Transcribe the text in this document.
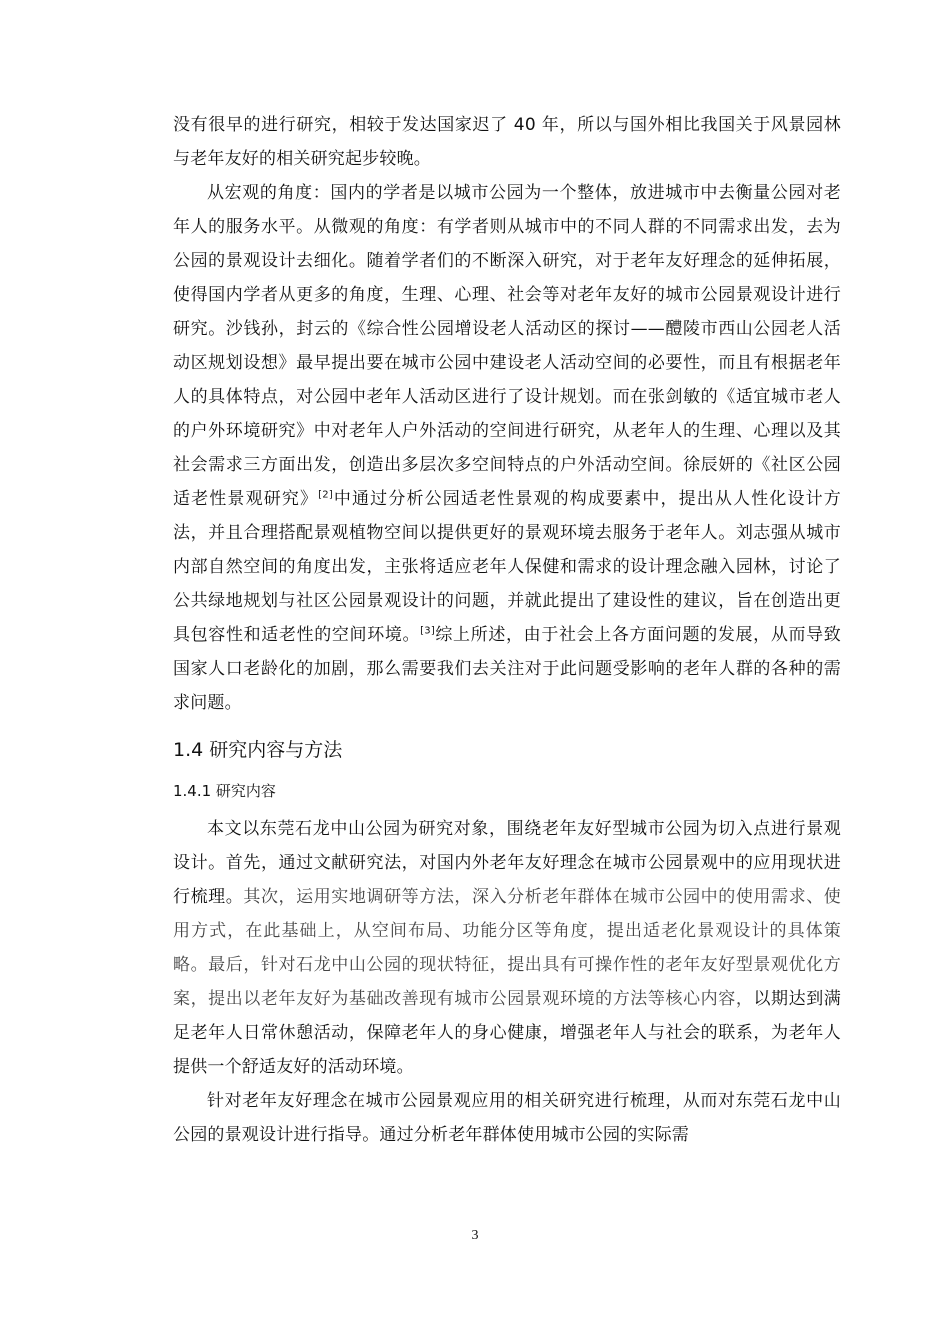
没有很早的进行研究，相较于发达国家迟了 40 年，所以与国外相比我国关于风景园林与老年友好的相关研究起步较晚。

从宏观的角度：国内的学者是以城市公园为一个整体，放进城市中去衡量公园对老年人的服务水平。从微观的角度：有学者则从城市中的不同人群的不同需求出发，去为公园的景观设计去细化。随着学者们的不断深入研究，对于老年友好理念的延伸拓展，使得国内学者从更多的角度，生理、心理、社会等对老年友好的城市公园景观设计进行研究。沙钱孙，封云的《综合性公园增设老人活动区的探讨——醴陵市西山公园老人活动区规划设想》最早提出要在城市公园中建设老人活动空间的必要性，而且有根据老年人的具体特点，对公园中老年人活动区进行了设计规划。而在张剑敏的《适宜城市老人的户外环境研究》中对老年人户外活动的空间进行研究，从老年人的生理、心理以及其社会需求三方面出发，创造出多层次多空间特点的户外活动空间。徐辰妍的《社区公园适老性景观研究》[2]中通过分析公园适老性景观的构成要素中，提出从人性化设计方法，并且合理搭配景观植物空间以提供更好的景观环境去服务于老年人。刘志强从城市内部自然空间的角度出发，主张将适应老年人保健和需求的设计理念融入园林，讨论了公共绿地规划与社区公园景观设计的问题，并就此提出了建设性的建议，旨在创造出更具包容性和适老性的空间环境。[3]综上所述，由于社会上各方面问题的发展，从而导致国家人口老龄化的加剧，那么需要我们去关注对于此问题受影响的老年人群的各种的需求问题。

1.4 研究内容与方法
1.4.1 研究内容

本文以东莞石龙中山公园为研究对象，围绕老年友好型城市公园为切入点进行景观设计。首先，通过文献研究法，对国内外老年友好理念在城市公园景观中的应用现状进行梳理。其次，运用实地调研等方法，深入分析老年群体在城市公园中的使用需求、使用方式，在此基础上，从空间布局、功能分区等角度，提出适老化景观设计的具体策略。最后，针对石龙中山公园的现状特征，提出具有可操作性的老年友好型景观优化方案，提出以老年友好为基础改善现有城市公园景观环境的方法等核心内容，以期达到满足老年人日常休憩活动，保障老年人的身心健康，增强老年人与社会的联系，为老年人提供一个舒适友好的活动环境。

针对老年友好理念在城市公园景观应用的相关研究进行梳理，从而对东莞石龙中山公园的景观设计进行指导。通过分析老年群体使用城市公园的实际需

3
